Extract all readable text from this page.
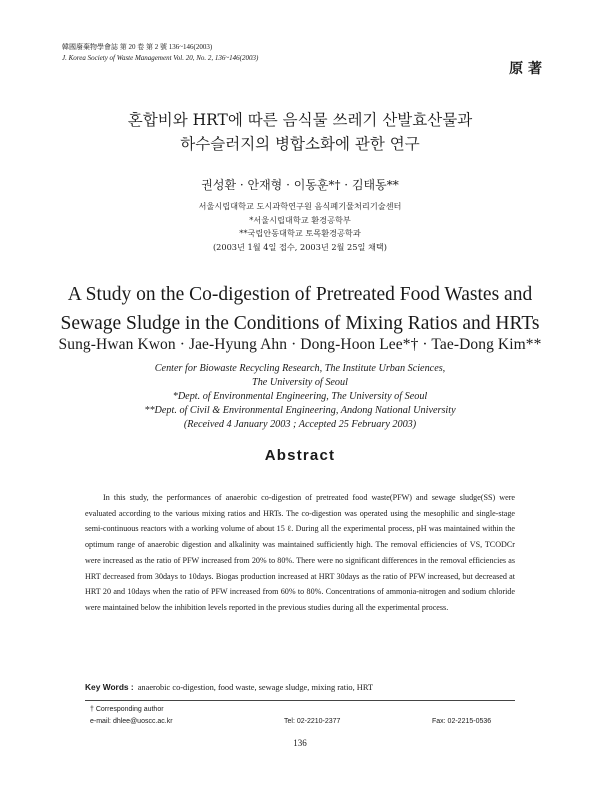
韓國廢棄物學會誌 第 20 卷 第 2 號 136~146(2003)
J. Korea Society of Waste Management Vol. 20, No. 2, 136~146(2003)
原 著
혼합비와 HRT에 따른 음식물 쓰레기 산발효산물과
하수슬러지의 병합소화에 관한 연구
권성환 · 안재형 · 이동훈*† · 김태동**
서울시립대학교 도시과학연구원 음식폐기물처리기술센터
*서울시립대학교 환경공학부
**국립안동대학교 토목환경공학과
(2003년 1월 4일 접수, 2003년 2월 25일 채택)
A Study on the Co-digestion of Pretreated Food Wastes and
Sewage Sludge in the Conditions of Mixing Ratios and HRTs
Sung-Hwan Kwon · Jae-Hyung Ahn · Dong-Hoon Lee*† · Tae-Dong Kim**
Center for Biowaste Recycling Research, The Institute Urban Sciences,
The University of Seoul
*Dept. of Environmental Engineering, The University of Seoul
**Dept. of Civil & Environmental Engineering, Andong National University
(Received 4 January 2003 ; Accepted 25 February 2003)
Abstract
In this study, the performances of anaerobic co-digestion of pretreated food waste(PFW) and sewage sludge(SS) were evaluated according to the various mixing ratios and HRTs. The co-digestion was operated using the mesophilic and single-stage semi-continuous reactors with a working volume of about 15 ℓ. During all the experimental process, pH was maintained within the optimum range of anaerobic digestion and alkalinity was maintained sufficiently high. The removal efficiencies of VS, TCODCr were increased as the ratio of PFW increased from 20% to 80%. There were no significant differences in the removal efficiencies as HRT decreased from 30days to 10days. Biogas production increased at HRT 30days as the ratio of PFW increased, but decreased at HRT 20 and 10days when the ratio of PFW increased from 60% to 80%. Concentrations of ammonia-nitrogen and sodium chloride were maintained below the inhibition levels reported in the previous studies during all the experimental process.
Key Words : anaerobic co-digestion, food waste, sewage sludge, mixing ratio, HRT
† Corresponding author
e-mail: dhlee@uoscc.ac.kr	Tel: 02-2210-2377	Fax: 02-2215-0536
136
